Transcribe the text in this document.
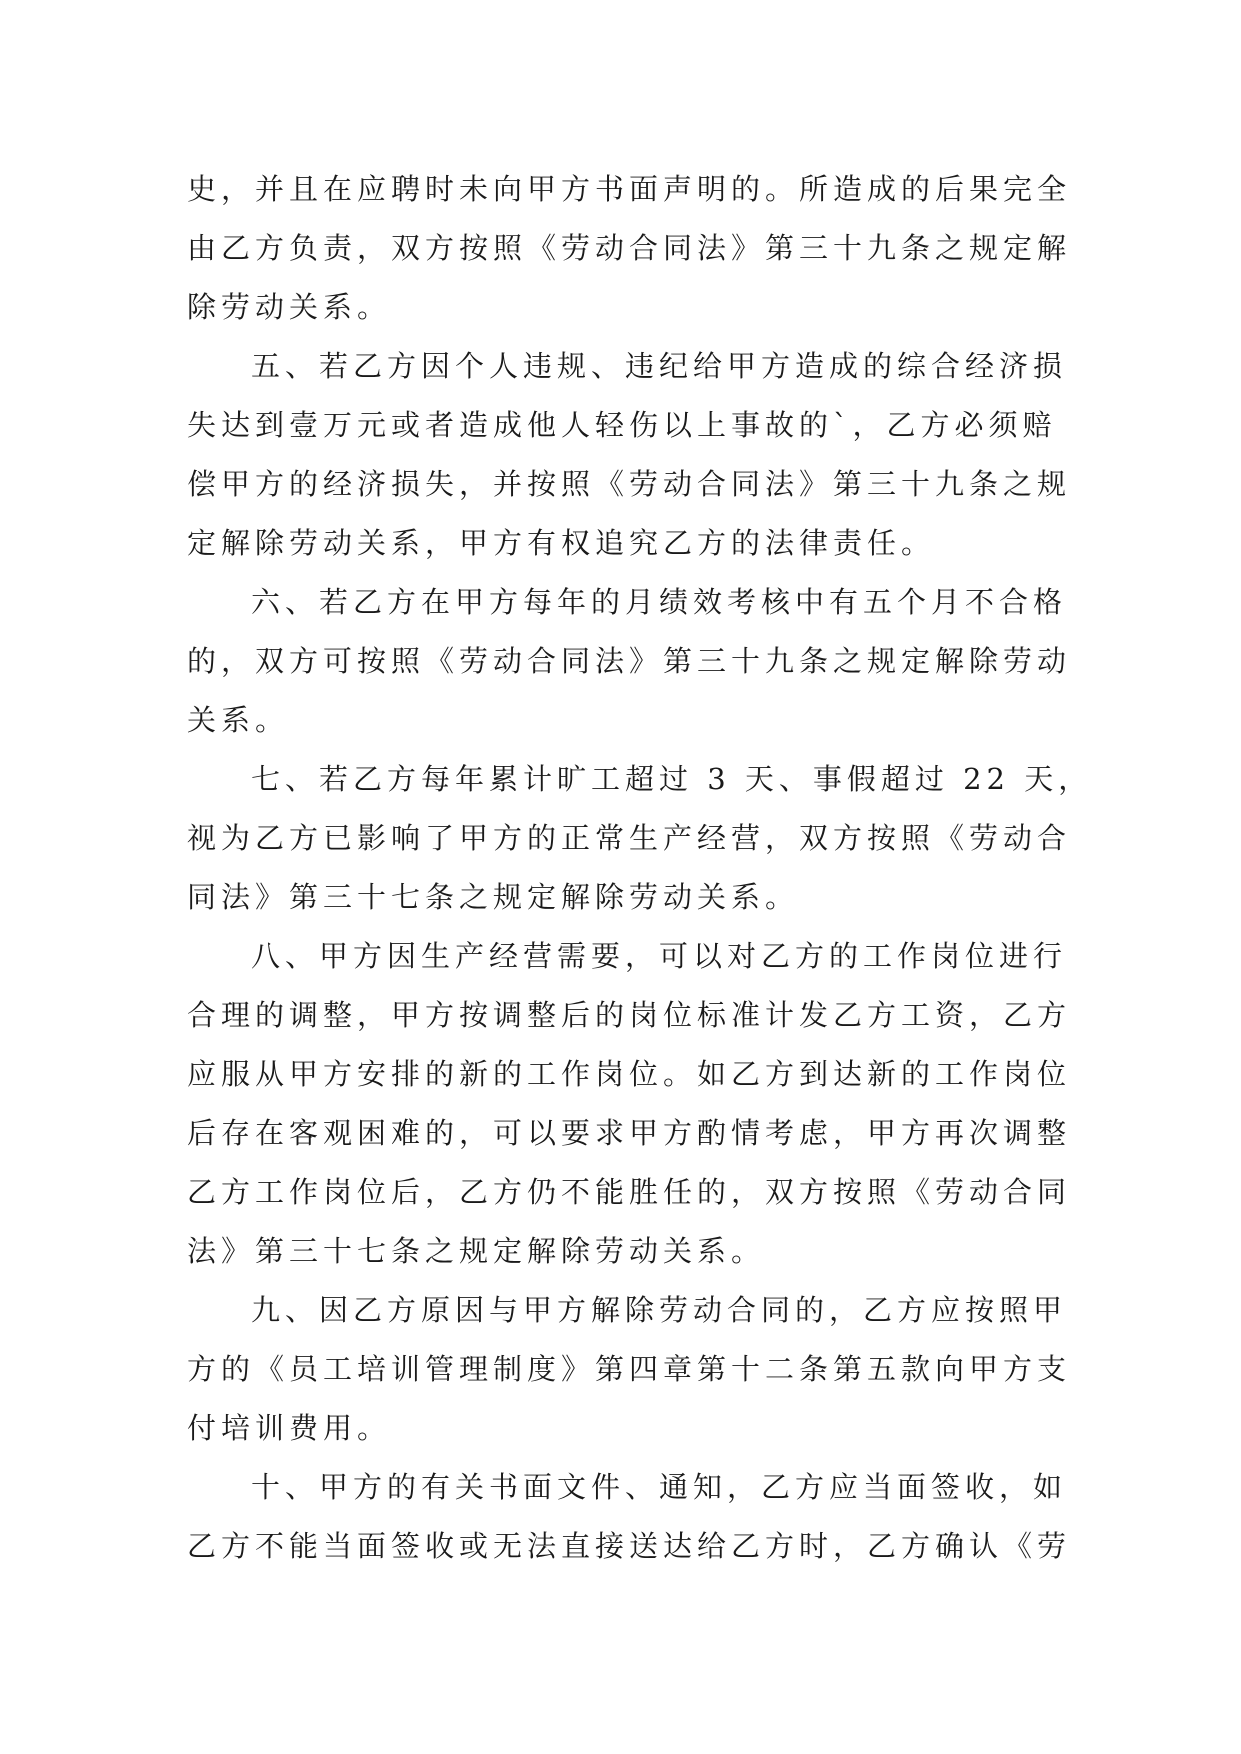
史，并且在应聘时未向甲方书面声明的。所造成的后果完全
由乙方负责，双方按照《劳动合同法》第三十九条之规定解
除劳动关系。
五、若乙方因个人违规、违纪给甲方造成的综合经济损
失达到壹万元或者造成他人轻伤以上事故的`，乙方必须赔
偿甲方的经济损失，并按照《劳动合同法》第三十九条之规
定解除劳动关系，甲方有权追究乙方的法律责任。
六、若乙方在甲方每年的月绩效考核中有五个月不合格
的，双方可按照《劳动合同法》第三十九条之规定解除劳动
关系。
七、若乙方每年累计旷工超过 3 天、事假超过 22 天，
视为乙方已影响了甲方的正常生产经营，双方按照《劳动合
同法》第三十七条之规定解除劳动关系。
八、甲方因生产经营需要，可以对乙方的工作岗位进行
合理的调整，甲方按调整后的岗位标准计发乙方工资，乙方
应服从甲方安排的新的工作岗位。如乙方到达新的工作岗位
后存在客观困难的，可以要求甲方酌情考虑，甲方再次调整
乙方工作岗位后，乙方仍不能胜任的，双方按照《劳动合同
法》第三十七条之规定解除劳动关系。
九、因乙方原因与甲方解除劳动合同的，乙方应按照甲
方的《员工培训管理制度》第四章第十二条第五款向甲方支
付培训费用。
十、甲方的有关书面文件、通知，乙方应当面签收，如
乙方不能当面签收或无法直接送达给乙方时，乙方确认《劳
